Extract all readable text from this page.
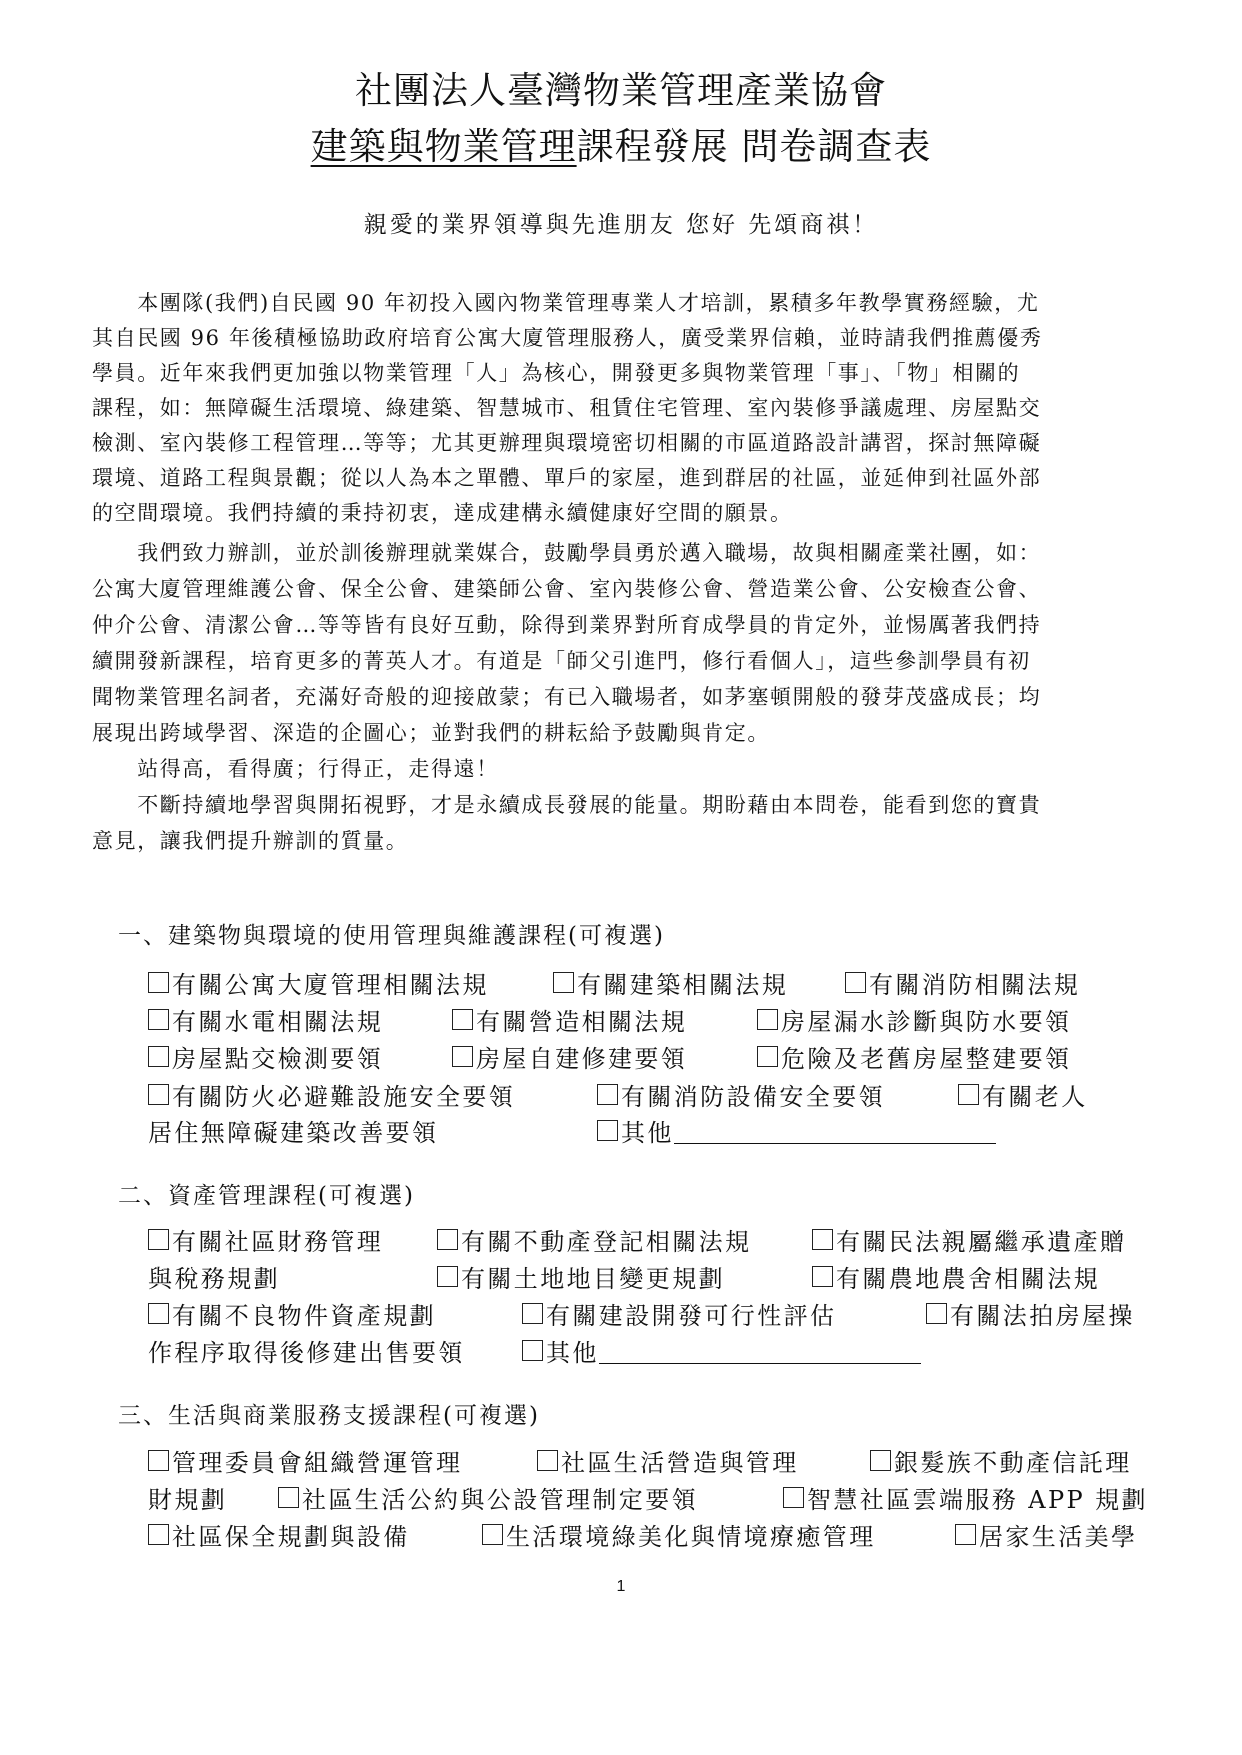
社團法人臺灣物業管理產業協會
建築與物業管理課程發展 問卷調查表
親愛的業界領導與先進朋友 您好 先頌商祺！
　　本團隊(我們)自民國 90 年初投入國內物業管理專業人才培訓，累積多年教學實務經驗，尤
其自民國 96 年後積極協助政府培育公寓大廈管理服務人，廣受業界信賴，並時請我們推薦優秀
學員。近年來我們更加強以物業管理「人」為核心，開發更多與物業管理「事」、「物」相關的
課程，如：無障礙生活環境、綠建築、智慧城市、租賃住宅管理、室內裝修爭議處理、房屋點交
檢測、室內裝修工程管理…等等；尤其更辦理與環境密切相關的市區道路設計講習，探討無障礙
環境、道路工程與景觀；從以人為本之單體、單戶的家屋，進到群居的社區，並延伸到社區外部
的空間環境。我們持續的秉持初衷，達成建構永續健康好空間的願景。
　　我們致力辦訓，並於訓後辦理就業媒合，鼓勵學員勇於邁入職場，故與相關產業社團，如：
公寓大廈管理維護公會、保全公會、建築師公會、室內裝修公會、營造業公會、公安檢查公會、
仲介公會、清潔公會…等等皆有良好互動，除得到業界對所育成學員的肯定外，並惕厲著我們持
續開發新課程，培育更多的菁英人才。有道是「師父引進門，修行看個人」，這些參訓學員有初
聞物業管理名詞者，充滿好奇般的迎接啟蒙；有已入職場者，如茅塞頓開般的發芽茂盛成長；均
展現出跨域學習、深造的企圖心；並對我們的耕耘給予鼓勵與肯定。
　　站得高，看得廣；行得正，走得遠！
　　不斷持續地學習與開拓視野，才是永續成長發展的能量。期盼藉由本問卷，能看到您的寶貴
意見，讓我們提升辦訓的質量。
一、建築物與環境的使用管理與維護課程(可複選)
有關公寓大廈管理相關法規	有關建築相關法規	有關消防相關法規
有關水電相關法規	有關營造相關法規	房屋漏水診斷與防水要領
房屋點交檢測要領	房屋自建修建要領	危險及老舊房屋整建要領
有關防火必避難設施安全要領	有關消防設備安全要領	有關老人
居住無障礙建築改善要領	其他
二、資產管理課程(可複選)
有關社區財務管理	有關不動產登記相關法規	有關民法親屬繼承遺產贈
與稅務規劃	有關土地地目變更規劃	有關農地農舍相關法規
有關不良物件資產規劃	有關建設開發可行性評估	有關法拍房屋操
作程序取得後修建出售要領	其他
三、生活與商業服務支援課程(可複選)
管理委員會組織營運管理	社區生活營造與管理	銀髮族不動產信託理
財規劃	社區生活公約與公設管理制定要領	智慧社區雲端服務 APP 規劃
社區保全規劃與設備	生活環境綠美化與情境療癒管理	居家生活美學
1
